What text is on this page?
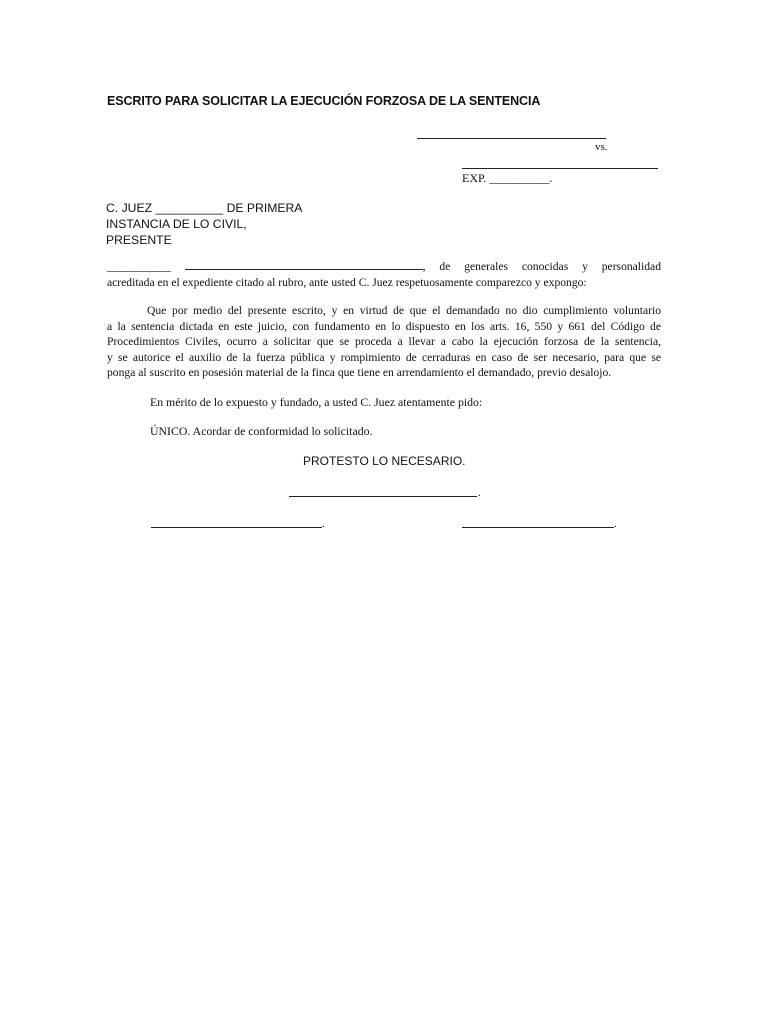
ESCRITO PARA SOLICITAR LA EJECUCIÓN FORZOSA DE LA SENTENCIA
vs.
EXP. __________.
C. JUEZ __________ DE PRIMERA
INSTANCIA DE LO CIVIL,
PRESENTE
___________	, de generales conocidas y personalidad
acreditada en el expediente citado al rubro, ante usted C. Juez respetuosamente comparezco y expongo:
Que por medio del presente escrito, y en virtud de que el demandado no dio cumplimiento voluntario
a la sentencia dictada en este juicio, con fundamento en lo dispuesto en los arts. 16, 550 y 661 del Código de
Procedimientos Civiles, ocurro a solicitar que se proceda a llevar a cabo la ejecución forzosa de la sentencia,
y se autorice el auxilio de la fuerza pública y rompimiento de cerraduras en caso de ser necesario, para que se
ponga al suscrito en posesión material de la finca que tiene en arrendamiento el demandado, previo desalojo.
En mérito de lo expuesto y fundado, a usted C. Juez atentamente pido:
ÚNICO. Acordar de conformidad lo solicitado.
PROTESTO LO NECESARIO.
.
.	.
